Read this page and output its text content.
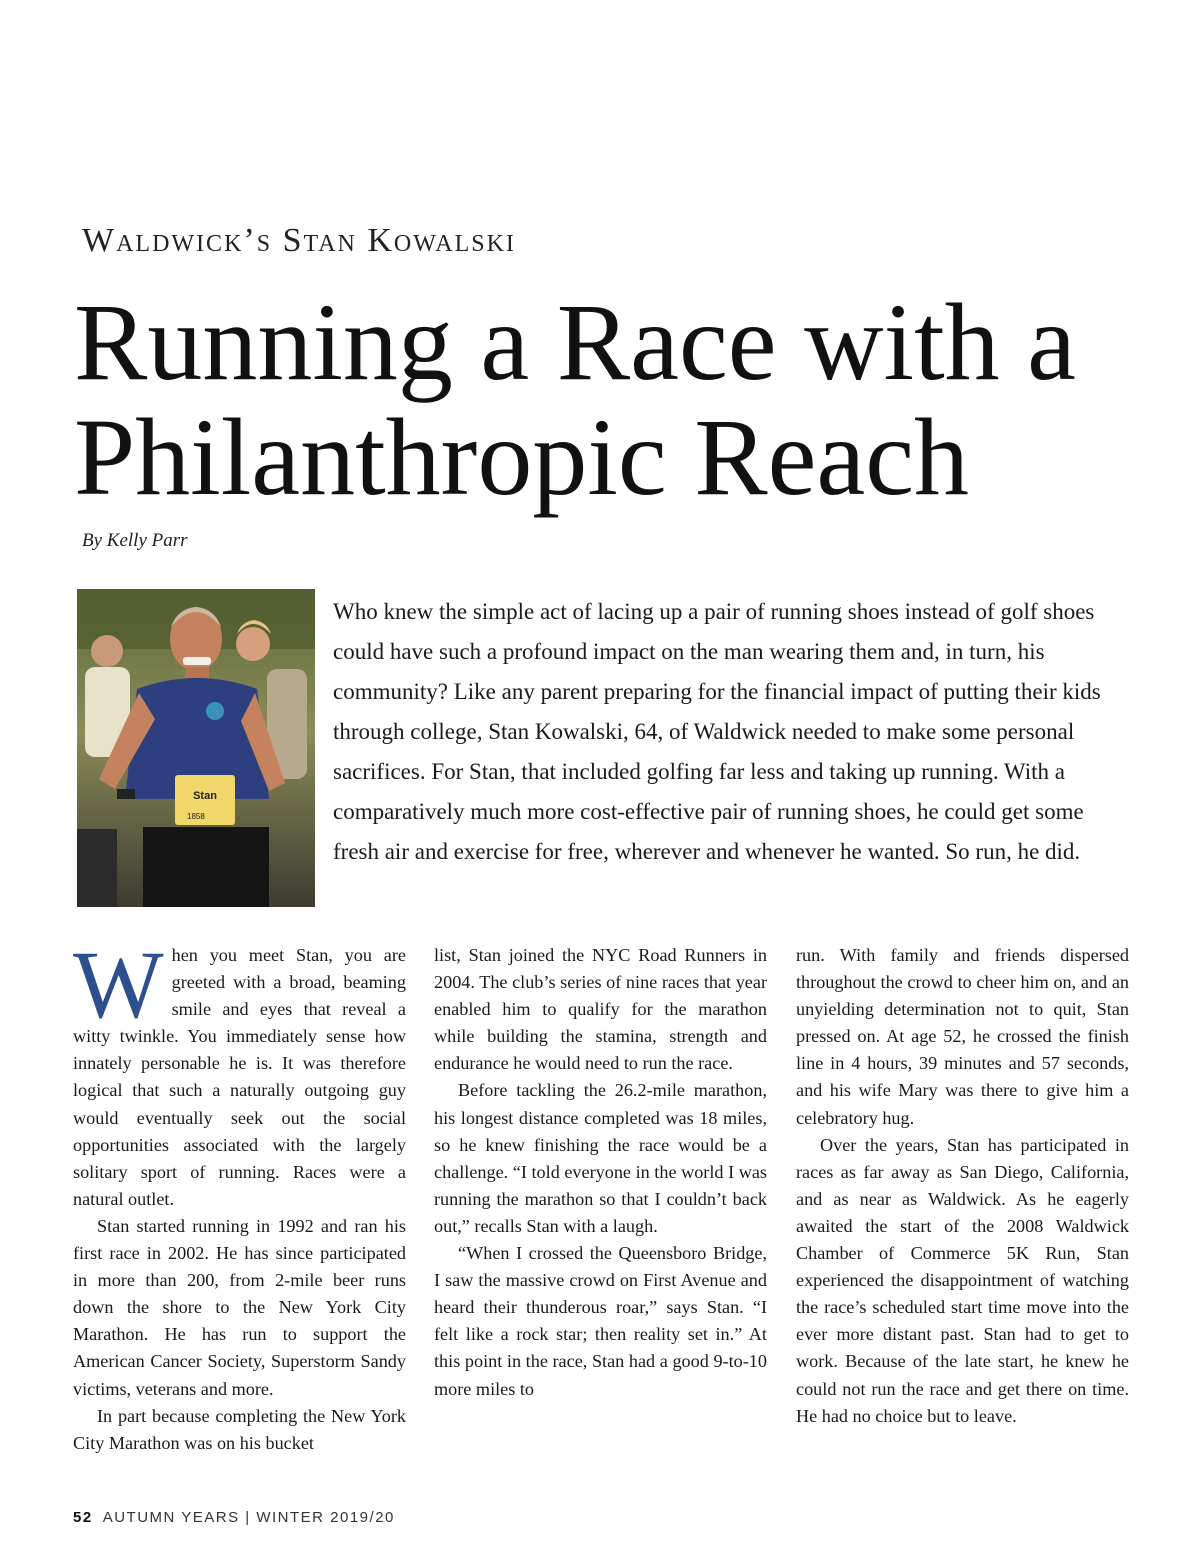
Waldwick’s Stan Kowalski
Running a Race with a Philanthropic Reach
By Kelly Parr
Stan
1858
Who knew the simple act of lacing up a pair of running shoes instead of golf shoes could have such a profound impact on the man wearing them and, in turn, his community? Like any parent preparing for the financial impact of putting their kids through college, Stan Kowalski, 64, of Waldwick needed to make some personal sacrifices. For Stan, that included golfing far less and taking up running. With a comparatively much more cost-effective pair of running shoes, he could get some fresh air and exercise for free, wherever and whenever he wanted. So run, he did.

When you meet Stan, you are greeted with a broad, beaming smile and eyes that reveal a witty twinkle. You immediately sense how innately personable he is. It was therefore logical that such a naturally outgoing guy would eventually seek out the social opportunities associated with the largely solitary sport of running. Races were a natural outlet.

Stan started running in 1992 and ran his first race in 2002. He has since participated in more than 200, from 2-mile beer runs down the shore to the New York City Marathon. He has run to support the American Cancer Society, Superstorm Sandy victims, veterans and more.

In part because completing the New York City Marathon was on his bucket

list, Stan joined the NYC Road Runners in 2004. The club’s series of nine races that year enabled him to qualify for the marathon while building the stamina, strength and endurance he would need to run the race.

Before tackling the 26.2-mile marathon, his longest distance completed was 18 miles, so he knew finishing the race would be a challenge. “I told everyone in the world I was running the marathon so that I couldn’t back out,” recalls Stan with a laugh.

“When I crossed the Queensboro Bridge, I saw the massive crowd on First Avenue and heard their thunderous roar,” says Stan. “I felt like a rock star; then reality set in.” At this point in the race, Stan had a good 9-to-10 more miles to

run. With family and friends dispersed throughout the crowd to cheer him on, and an unyielding determination not to quit, Stan pressed on. At age 52, he crossed the finish line in 4 hours, 39 minutes and 57 seconds, and his wife Mary was there to give him a celebratory hug.

Over the years, Stan has participated in races as far away as San Diego, California, and as near as Waldwick. As he eagerly awaited the start of the 2008 Waldwick Chamber of Commerce 5K Run, Stan experienced the disappointment of watching the race’s scheduled start time move into the ever more distant past. Stan had to get to work. Because of the late start, he knew he could not run the race and get there on time. He had no choice but to leave.

52 AUTUMN YEARS | WINTER 2019/20
